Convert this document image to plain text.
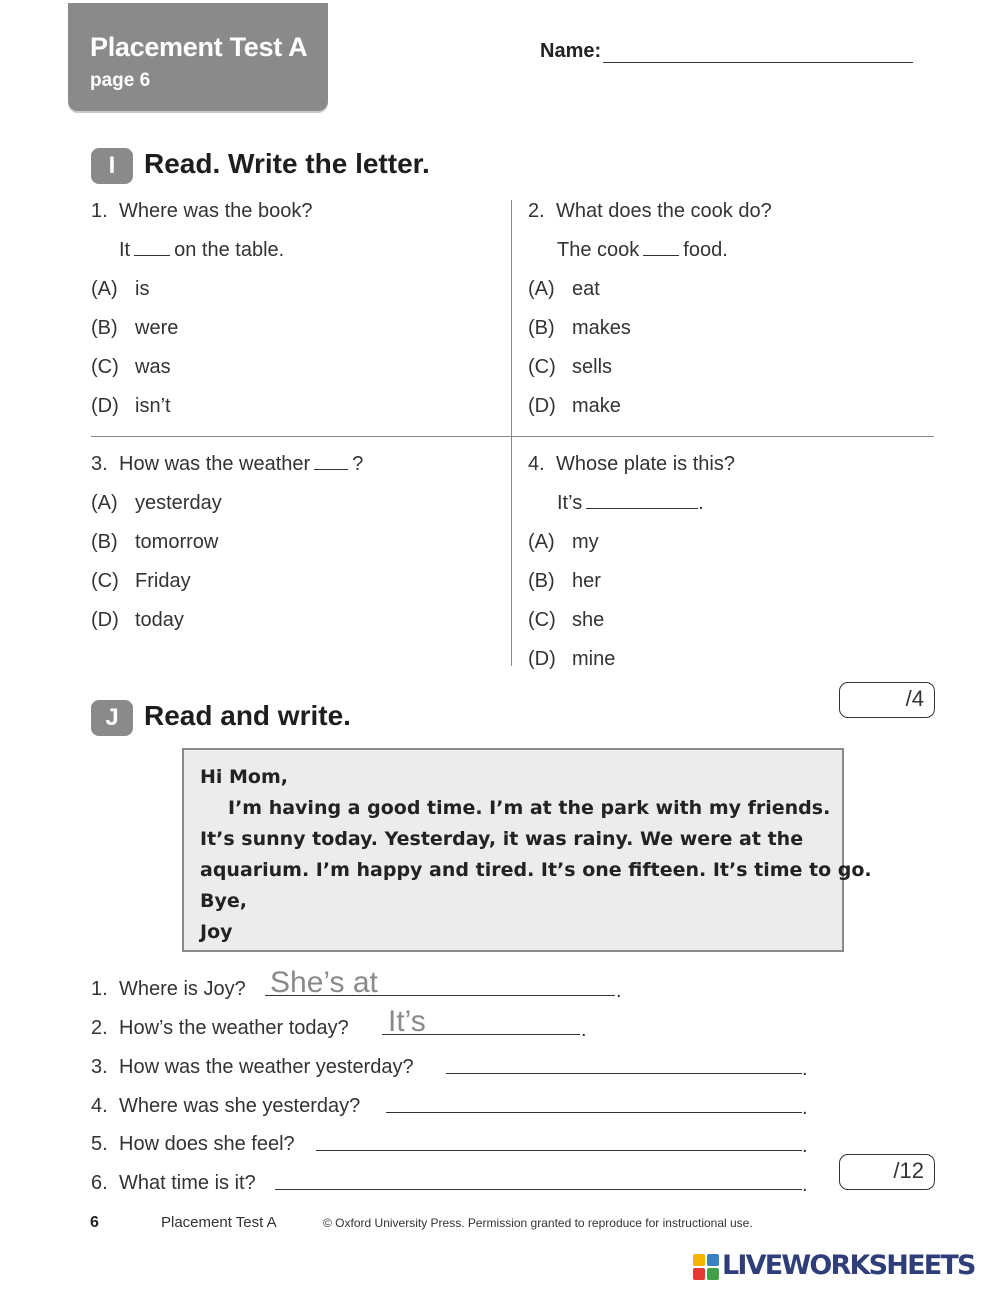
Placement Test A
page 6
Name:
I	Read. Write the letter.
1. Where was the book?
It on the table.
(A) is
(B) were
(C) was
(D) isn’t
2. What does the cook do?
The cook food.
(A) eat
(B) makes
(C) sells
(D) make
3. How was the weather ?
(A) yesterday
(B) tomorrow
(C) Friday
(D) today
4. Whose plate is this?
It’s	.
(A) my
(B) her
(C) she
(D) mine
/4
J Read and write.
Hi Mom,
I’m having a good time. I’m at the park with my friends.
It’s sunny today. Yesterday, it was rainy. We were at the
aquarium. I’m happy and tired. It’s one fifteen. It’s time to go.
Bye,
Joy
1. Where is Joy? She’s at	.
2. How’s the weather today? It’s	.
3. How was the weather yesterday?	.
4. Where was she yesterday?	.
5. How does she feel?	.
6. What time is it?	.
/12
6	Placement Test A	© Oxford University Press. Permission granted to reproduce for instructional use.
LIVEWORKSHEETS
